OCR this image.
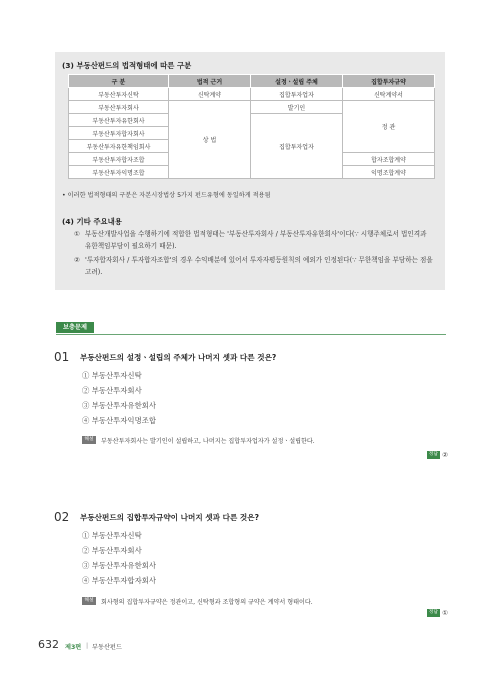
(3) 부동산펀드의 법적형태에 따른 구분
구 분	법적 근거	설정ㆍ설립 주체	집합투자규약
부동산투자신탁	신탁계약	집합투자업자	신탁계약서
부동산투자회사	상 법	발기인	정 관
부동산투자유한회사		집합투자업자	
부동산투자합자회사			
부동산투자유한책임회사			
부동산투자합자조합			합자조합계약
부동산투자익명조합			익명조합계약
• 이러한 법적형태의 구분은 자본시장법상 5가지 펀드유형에 동일하게 적용됨
(4) 기타 주요내용
① 부동산개발사업을 수행하기에 적합한 법적형태는 '부동산투자회사 / 부동산투자유한회사'이다(∵ 시행주체로서 법인격과 유한책임부담이 필요하기 때문).
② '투자합자회사 / 투자합자조합'의 경우 수익배분에 있어서 투자자평등원칙의 예외가 인정된다(∵ 무한책임을 부담하는 점을 고려).
보충문제
01 부동산펀드의 설정ㆍ설립의 주체가 나머지 셋과 다른 것은?
① 부동산투자신탁
② 부동산투자회사
③ 부동산투자유한회사
④ 부동산투자익명조합
해설	부동산투자회사는 발기인이 설립하고, 나머지는 집합투자업자가 설정ㆍ설립한다.
정답 ②
02 부동산펀드의 집합투자규약이 나머지 셋과 다른 것은?
① 부동산투자신탁
② 부동산투자회사
③ 부동산투자유한회사
④ 부동산투자합자회사
해설	회사형의 집합투자규약은 정관이고, 신탁형과 조합형의 규약은 계약서 형태이다.
정답 ①
632 제3편 | 부동산펀드
